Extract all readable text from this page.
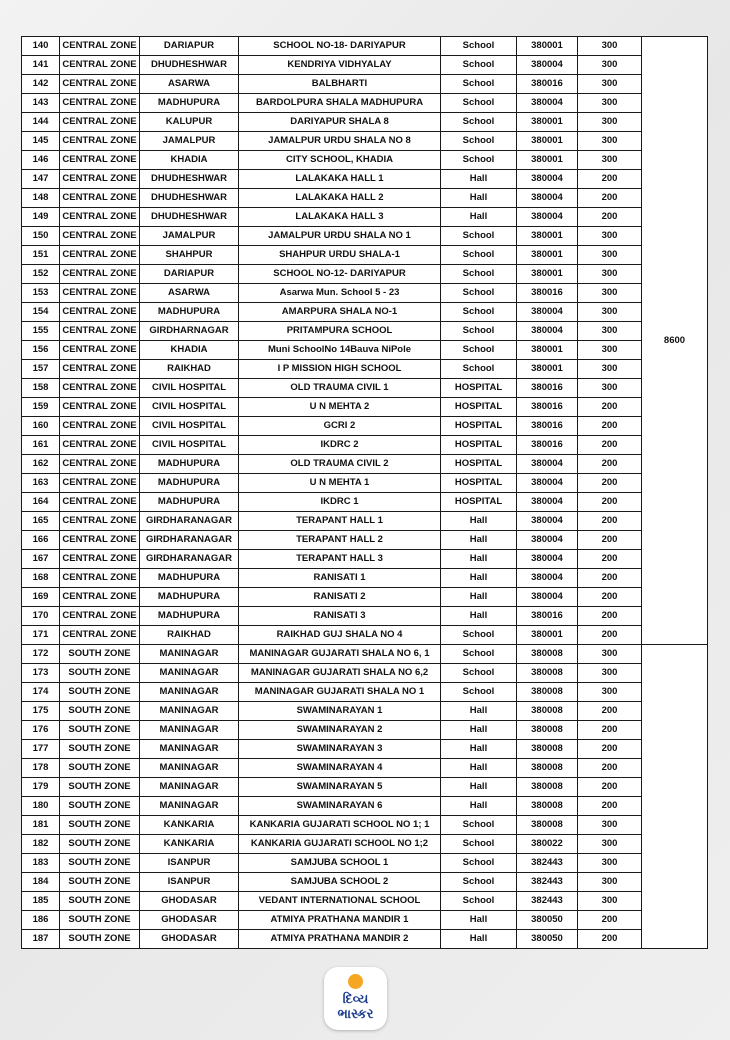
140	CENTRAL ZONE	DARIAPUR	SCHOOL NO-18- DARIYAPUR	School	380001	300	8600
141	CENTRAL ZONE	DHUDHESHWAR	KENDRIYA VIDHYALAY	School	380004	300	
142	CENTRAL ZONE	ASARWA	BALBHARTI	School	380016	300	
143	CENTRAL ZONE	MADHUPURA	BARDOLPURA SHALA MADHUPURA	School	380004	300	
144	CENTRAL ZONE	KALUPUR	DARIYAPUR SHALA 8	School	380001	300	
145	CENTRAL ZONE	JAMALPUR	JAMALPUR URDU SHALA NO 8	School	380001	300	
146	CENTRAL ZONE	KHADIA	CITY SCHOOL, KHADIA	School	380001	300	
147	CENTRAL ZONE	DHUDHESHWAR	LALAKAKA HALL 1	Hall	380004	200	
148	CENTRAL ZONE	DHUDHESHWAR	LALAKAKA HALL 2	Hall	380004	200	
149	CENTRAL ZONE	DHUDHESHWAR	LALAKAKA HALL 3	Hall	380004	200	
150	CENTRAL ZONE	JAMALPUR	JAMALPUR URDU SHALA NO 1	School	380001	300	
151	CENTRAL ZONE	SHAHPUR	SHAHPUR URDU SHALA-1	School	380001	300	
152	CENTRAL ZONE	DARIAPUR	SCHOOL NO-12- DARIYAPUR	School	380001	300	
153	CENTRAL ZONE	ASARWA	Asarwa Mun. School 5 - 23	School	380016	300	
154	CENTRAL ZONE	MADHUPURA	AMARPURA SHALA NO-1	School	380004	300	
155	CENTRAL ZONE	GIRDHARNAGAR	PRITAMPURA SCHOOL	School	380004	300	
156	CENTRAL ZONE	KHADIA	Muni SchoolNo 14Bauva NiPole	School	380001	300	
157	CENTRAL ZONE	RAIKHAD	I P MISSION HIGH SCHOOL	School	380001	300	
158	CENTRAL ZONE	CIVIL HOSPITAL	OLD TRAUMA CIVIL 1	HOSPITAL	380016	300	
159	CENTRAL ZONE	CIVIL HOSPITAL	U N MEHTA 2	HOSPITAL	380016	200	
160	CENTRAL ZONE	CIVIL HOSPITAL	GCRI 2	HOSPITAL	380016	200	
161	CENTRAL ZONE	CIVIL HOSPITAL	IKDRC 2	HOSPITAL	380016	200	
162	CENTRAL ZONE	MADHUPURA	OLD TRAUMA CIVIL 2	HOSPITAL	380004	200	
163	CENTRAL ZONE	MADHUPURA	U N MEHTA 1	HOSPITAL	380004	200	
164	CENTRAL ZONE	MADHUPURA	IKDRC 1	HOSPITAL	380004	200	
165	CENTRAL ZONE	GIRDHARANAGAR	TERAPANT HALL 1	Hall	380004	200	
166	CENTRAL ZONE	GIRDHARANAGAR	TERAPANT HALL 2	Hall	380004	200	
167	CENTRAL ZONE	GIRDHARANAGAR	TERAPANT HALL 3	Hall	380004	200	
168	CENTRAL ZONE	MADHUPURA	RANISATI 1	Hall	380004	200	
169	CENTRAL ZONE	MADHUPURA	RANISATI 2	Hall	380004	200	
170	CENTRAL ZONE	MADHUPURA	RANISATI 3	Hall	380016	200	
171	CENTRAL ZONE	RAIKHAD	RAIKHAD GUJ SHALA NO 4	School	380001	200	
172	SOUTH ZONE	MANINAGAR	MANINAGAR GUJARATI SHALA NO 6, 1	School	380008	300	
173	SOUTH ZONE	MANINAGAR	MANINAGAR GUJARATI SHALA NO 6,2	School	380008	300	
174	SOUTH ZONE	MANINAGAR	MANINAGAR GUJARATI SHALA NO 1	School	380008	300	
175	SOUTH ZONE	MANINAGAR	SWAMINARAYAN 1	Hall	380008	200	
176	SOUTH ZONE	MANINAGAR	SWAMINARAYAN 2	Hall	380008	200	
177	SOUTH ZONE	MANINAGAR	SWAMINARAYAN 3	Hall	380008	200	
178	SOUTH ZONE	MANINAGAR	SWAMINARAYAN 4	Hall	380008	200	
179	SOUTH ZONE	MANINAGAR	SWAMINARAYAN 5	Hall	380008	200	
180	SOUTH ZONE	MANINAGAR	SWAMINARAYAN 6	Hall	380008	200	
181	SOUTH ZONE	KANKARIA	KANKARIA GUJARATI SCHOOL NO 1; 1	School	380008	300	
182	SOUTH ZONE	KANKARIA	KANKARIA GUJARATI SCHOOL NO 1;2	School	380022	300	
183	SOUTH ZONE	ISANPUR	SAMJUBA SCHOOL 1	School	382443	300	
184	SOUTH ZONE	ISANPUR	SAMJUBA SCHOOL 2	School	382443	300	
185	SOUTH ZONE	GHODASAR	VEDANT INTERNATIONAL SCHOOL	School	382443	300	
186	SOUTH ZONE	GHODASAR	ATMIYA PRATHANA MANDIR 1	Hall	380050	200	
187	SOUTH ZONE	GHODASAR	ATMIYA PRATHANA MANDIR 2	Hall	380050	200	
દિવ્ય
ભાસ્કર
